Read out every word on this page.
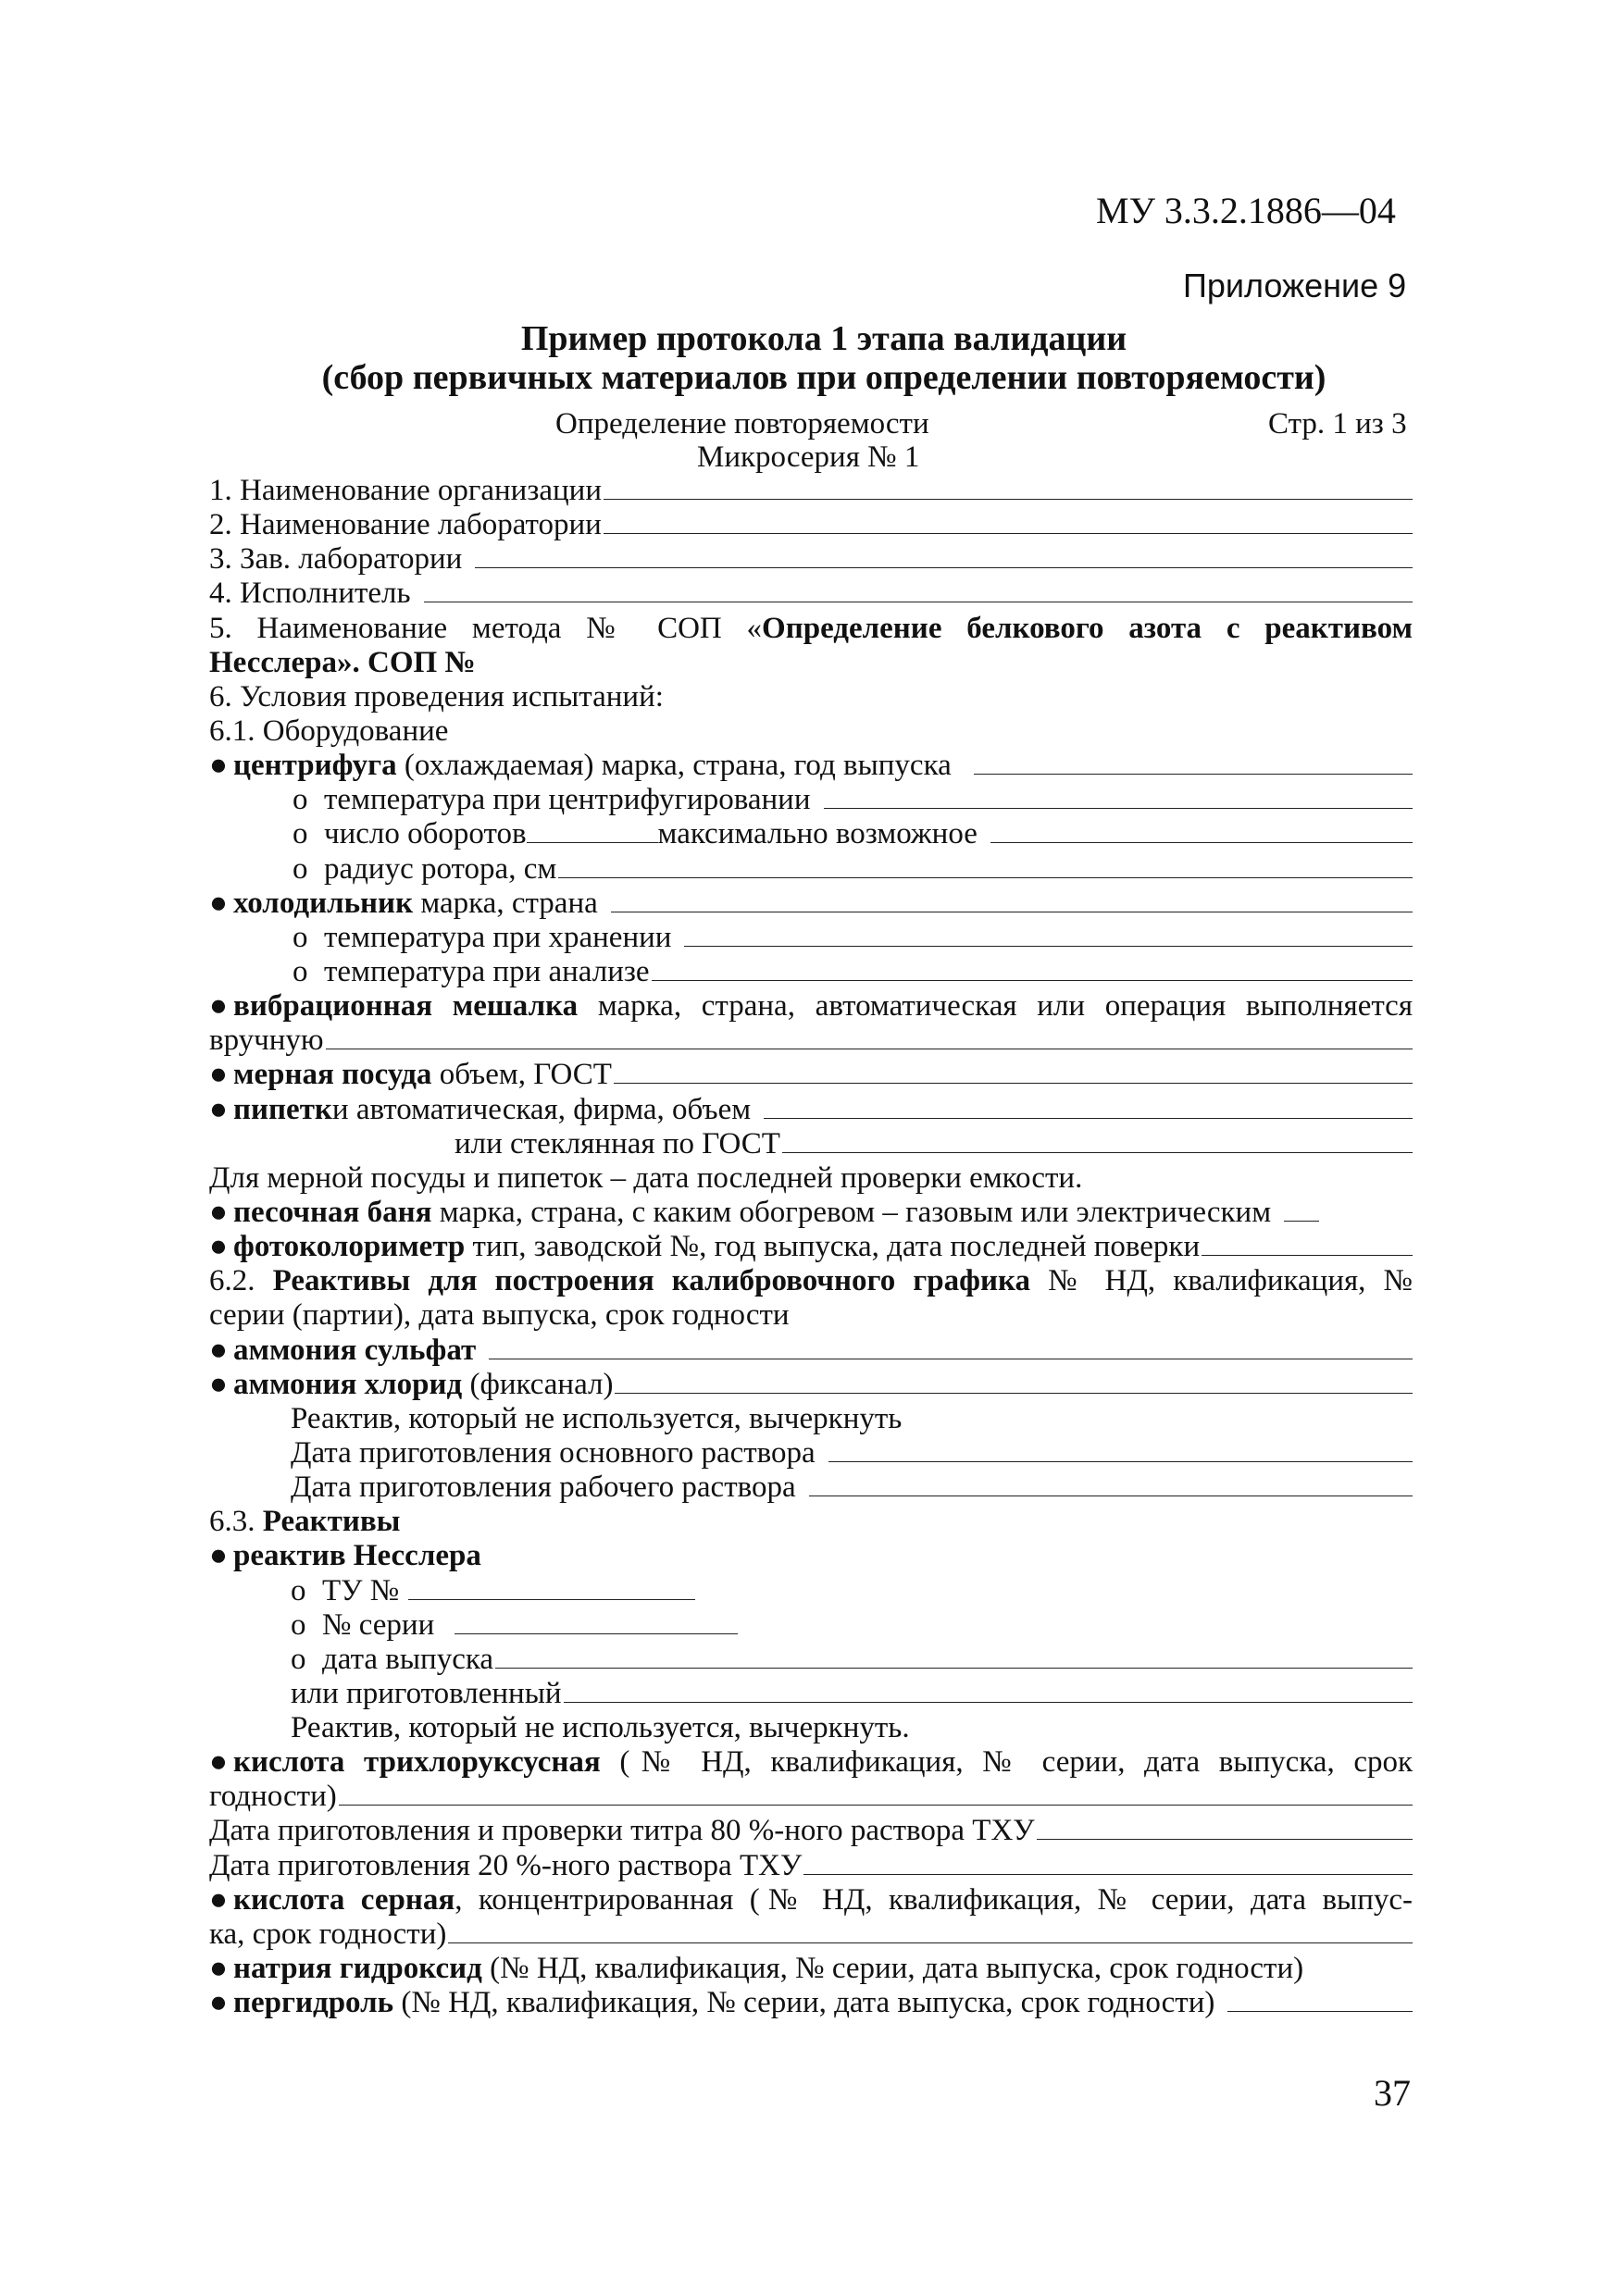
МУ 3.3.2.1886—04
Приложение 9
Пример протокола 1 этапа валидации
(сбор первичных материалов при определении повторяемости)
Определение повторяемости	Стр. 1 из 3
Микросерия № 1
1. Наименование организации
2. Наименование лаборатории
3. Зав. лаборатории
4. Исполнитель
5. Наименование метода № СОП «Определение белкового азота с реактивом
Несслера». СОП №
6. Условия проведения испытаний:
6.1. Оборудование
● центрифуга (охлаждаемая) марка, страна, год выпуска
o температура при центрифугировании
o число оборотов	максимально возможное
o радиус ротора, см
● холодильник марка, страна
o температура при хранении
o температура при анализе
● вибрационная мешалка марка, страна, автоматическая или операция выполняется
вручную
● мерная посуда объем, ГОСТ
● пипетки автоматическая, фирма, объем
или стеклянная по ГОСТ
Для мерной посуды и пипеток – дата последней проверки емкости.
● песочная баня марка, страна, с каким обогревом – газовым или электрическим
● фотоколориметр тип, заводской №, год выпуска, дата последней поверки
6.2. Реактивы для построения калибровочного графика № НД, квалификация, №
серии (партии), дата выпуска, срок годности
● аммония сульфат
● аммония хлорид (фиксанал)
Реактив, который не используется, вычеркнуть
Дата приготовления основного раствора
Дата приготовления рабочего раствора
6.3. Реактивы
● реактив Несслера
o ТУ №
o № серии
o дата выпуска
или приготовленный
Реактив, который не используется, вычеркнуть.
● кислота трихлоруксусная (№ НД, квалификация, № серии, дата выпуска, срок
годности)
Дата приготовления и проверки титра 80 %-ного раствора ТХУ
Дата приготовления 20 %-ного раствора ТХУ
● кислота серная, концентрированная (№ НД, квалификация, № серии, дата выпус-
ка, срок годности)
● натрия гидроксид (№ НД, квалификация, № серии, дата выпуска, срок годности)
● пергидроль (№ НД, квалификация, № серии, дата выпуска, срок годности)
37
